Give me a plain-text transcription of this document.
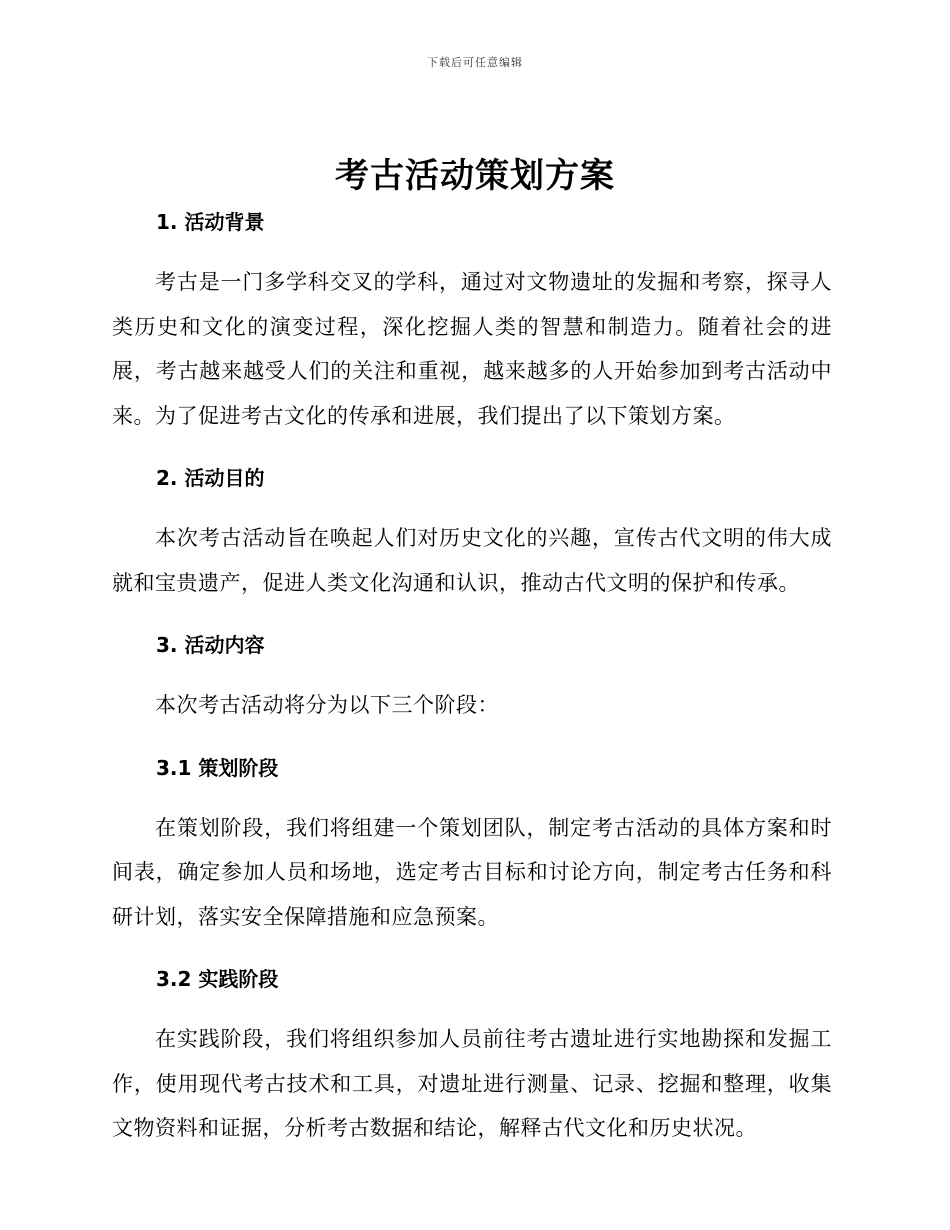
下载后可任意编辑
考古活动策划方案
1. 活动背景

考古是一门多学科交叉的学科，通过对文物遗址的发掘和考察，探寻人类历史和文化的演变过程，深化挖掘人类的智慧和制造力。随着社会的进展，考古越来越受人们的关注和重视，越来越多的人开始参加到考古活动中来。为了促进考古文化的传承和进展，我们提出了以下策划方案。

2. 活动目的

本次考古活动旨在唤起人们对历史文化的兴趣，宣传古代文明的伟大成就和宝贵遗产，促进人类文化沟通和认识，推动古代文明的保护和传承。

3. 活动内容

本次考古活动将分为以下三个阶段：

3.1 策划阶段

在策划阶段，我们将组建一个策划团队，制定考古活动的具体方案和时间表，确定参加人员和场地，选定考古目标和讨论方向，制定考古任务和科研计划，落实安全保障措施和应急预案。

3.2 实践阶段

在实践阶段，我们将组织参加人员前往考古遗址进行实地勘探和发掘工作，使用现代考古技术和工具，对遗址进行测量、记录、挖掘和整理，收集文物资料和证据，分析考古数据和结论，解释古代文化和历史状况。
